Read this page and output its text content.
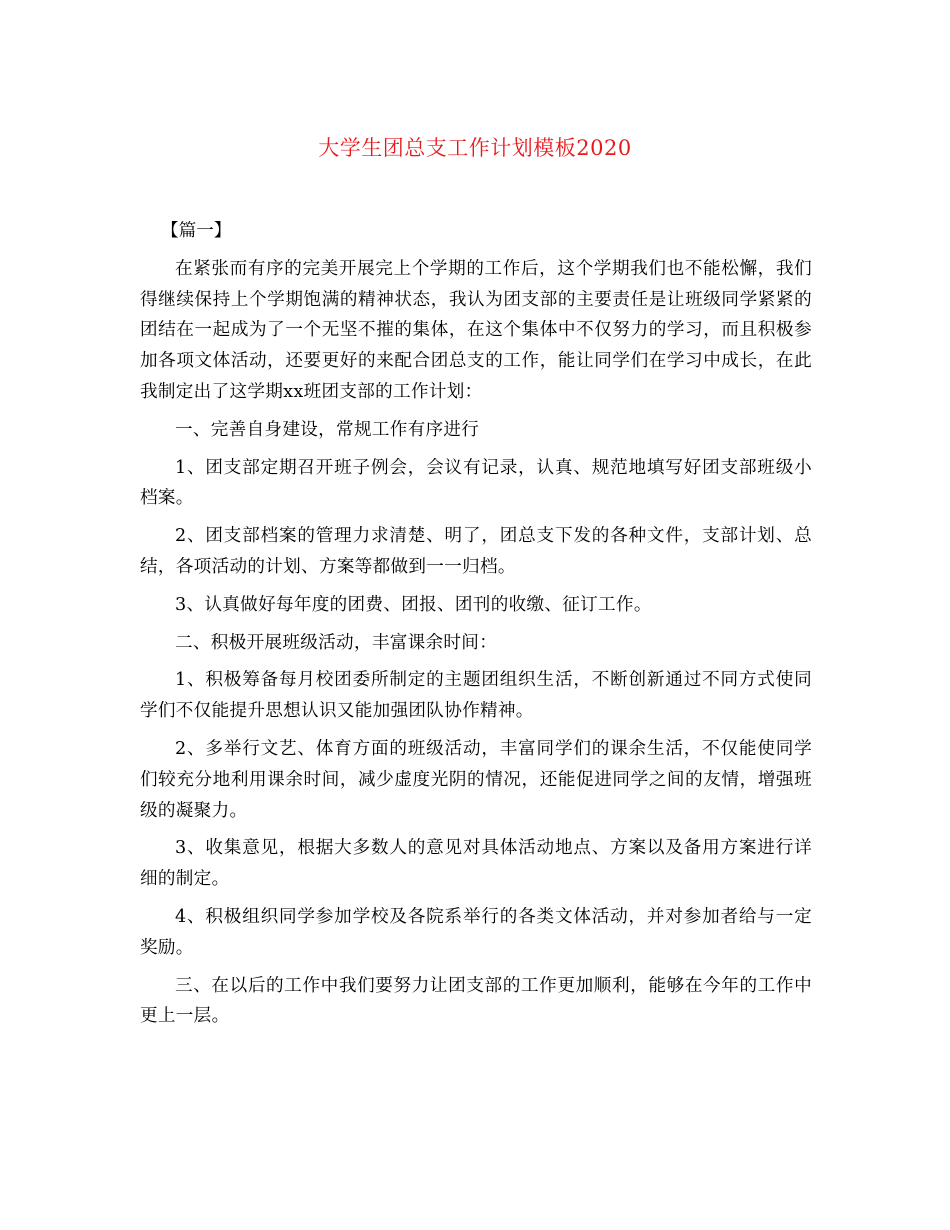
大学生团总支工作计划模板2020

【篇一】

在紧张而有序的完美开展完上个学期的工作后，这个学期我们也不能松懈，我们得继续保持上个学期饱满的精神状态，我认为团支部的主要责任是让班级同学紧紧的团结在一起成为了一个无坚不摧的集体，在这个集体中不仅努力的学习，而且积极参加各项文体活动，还要更好的来配合团总支的工作，能让同学们在学习中成长，在此我制定出了这学期xx班团支部的工作计划：

一、完善自身建设，常规工作有序进行

1、团支部定期召开班子例会，会议有记录，认真、规范地填写好团支部班级小档案。

2、团支部档案的管理力求清楚、明了，团总支下发的各种文件，支部计划、总结，各项活动的计划、方案等都做到一一归档。

3、认真做好每年度的团费、团报、团刊的收缴、征订工作。

二、积极开展班级活动，丰富课余时间：

1、积极筹备每月校团委所制定的主题团组织生活，不断创新通过不同方式使同学们不仅能提升思想认识又能加强团队协作精神。

2、多举行文艺、体育方面的班级活动，丰富同学们的课余生活，不仅能使同学们较充分地利用课余时间，减少虚度光阴的情况，还能促进同学之间的友情，增强班级的凝聚力。

3、收集意见，根据大多数人的意见对具体活动地点、方案以及备用方案进行详细的制定。

4、积极组织同学参加学校及各院系举行的各类文体活动，并对参加者给与一定奖励。

三、在以后的工作中我们要努力让团支部的工作更加顺利，能够在今年的工作中更上一层。
